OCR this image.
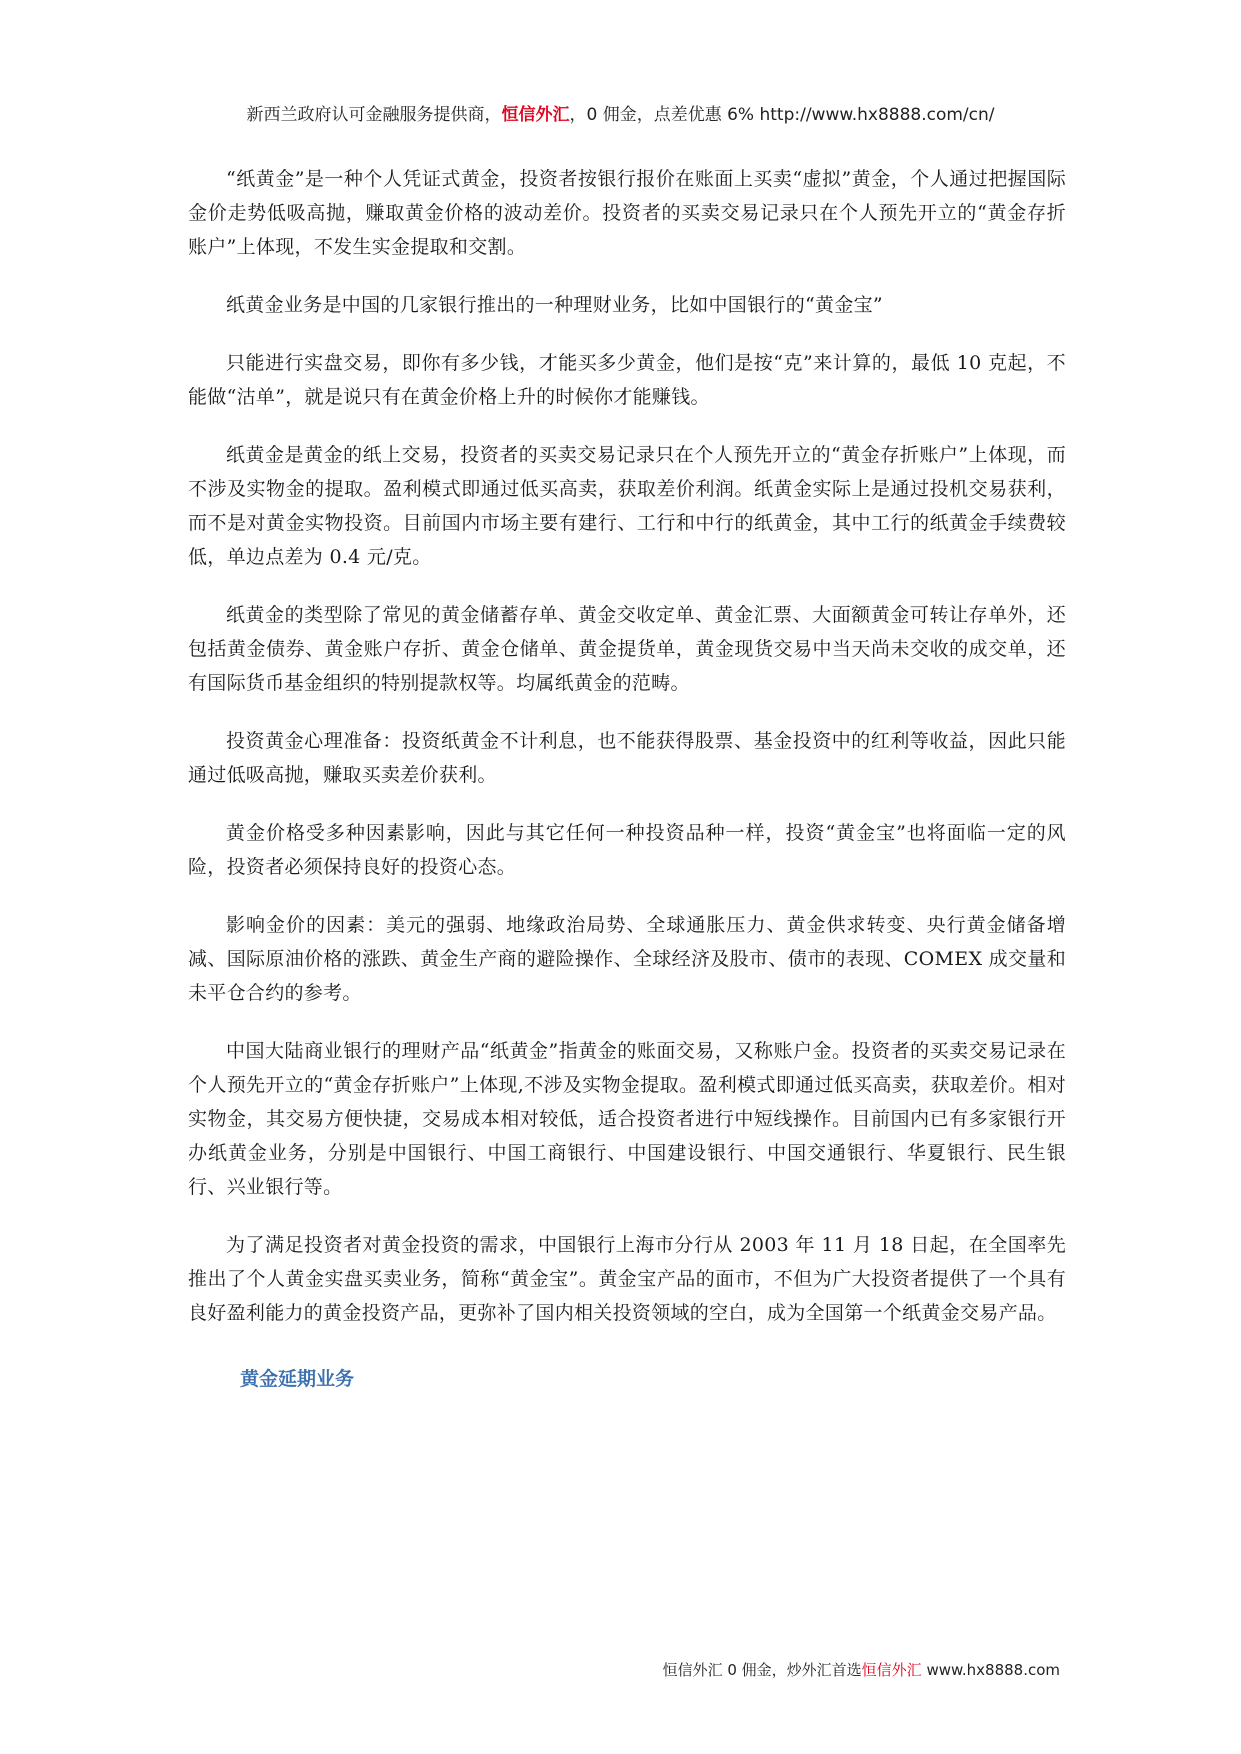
新西兰政府认可金融服务提供商，恒信外汇，0 佣金，点差优惠 6% http://www.hx8888.com/cn/

“纸黄金”是一种个人凭证式黄金，投资者按银行报价在账面上买卖“虚拟”黄金，个人通过把握国际金价走势低吸高抛，赚取黄金价格的波动差价。投资者的买卖交易记录只在个人预先开立的“黄金存折账户”上体现，不发生实金提取和交割。

纸黄金业务是中国的几家银行推出的一种理财业务，比如中国银行的“黄金宝”

只能进行实盘交易，即你有多少钱，才能买多少黄金，他们是按“克”来计算的，最低 10 克起，不能做“沽单”，就是说只有在黄金价格上升的时候你才能赚钱。

纸黄金是黄金的纸上交易，投资者的买卖交易记录只在个人预先开立的“黄金存折账户”上体现，而不涉及实物金的提取。盈利模式即通过低买高卖，获取差价利润。纸黄金实际上是通过投机交易获利，而不是对黄金实物投资。目前国内市场主要有建行、工行和中行的纸黄金，其中工行的纸黄金手续费较低，单边点差为 0.4 元/克。

纸黄金的类型除了常见的黄金储蓄存单、黄金交收定单、黄金汇票、大面额黄金可转让存单外，还包括黄金债券、黄金账户存折、黄金仓储单、黄金提货单，黄金现货交易中当天尚未交收的成交单，还有国际货币基金组织的特别提款权等。均属纸黄金的范畴。

投资黄金心理准备：投资纸黄金不计利息，也不能获得股票、基金投资中的红利等收益，因此只能通过低吸高抛，赚取买卖差价获利。

黄金价格受多种因素影响，因此与其它任何一种投资品种一样，投资“黄金宝”也将面临一定的风险，投资者必须保持良好的投资心态。

影响金价的因素：美元的强弱、地缘政治局势、全球通胀压力、黄金供求转变、央行黄金储备增减、国际原油价格的涨跌、黄金生产商的避险操作、全球经济及股市、债市的表现、COMEX 成交量和未平仓合约的参考。

中国大陆商业银行的理财产品“纸黄金”指黄金的账面交易，又称账户金。投资者的买卖交易记录在个人预先开立的“黄金存折账户”上体现,不涉及实物金提取。盈利模式即通过低买高卖，获取差价。相对实物金，其交易方便快捷，交易成本相对较低，适合投资者进行中短线操作。目前国内已有多家银行开办纸黄金业务，分别是中国银行、中国工商银行、中国建设银行、中国交通银行、华夏银行、民生银行、兴业银行等。

为了满足投资者对黄金投资的需求，中国银行上海市分行从 2003 年 11 月 18 日起，在全国率先推出了个人黄金实盘买卖业务，简称“黄金宝”。黄金宝产品的面市，不但为广大投资者提供了一个具有良好盈利能力的黄金投资产品，更弥补了国内相关投资领域的空白，成为全国第一个纸黄金交易产品。

黄金延期业务
恒信外汇 0 佣金，炒外汇首选恒信外汇 www.hx8888.com
